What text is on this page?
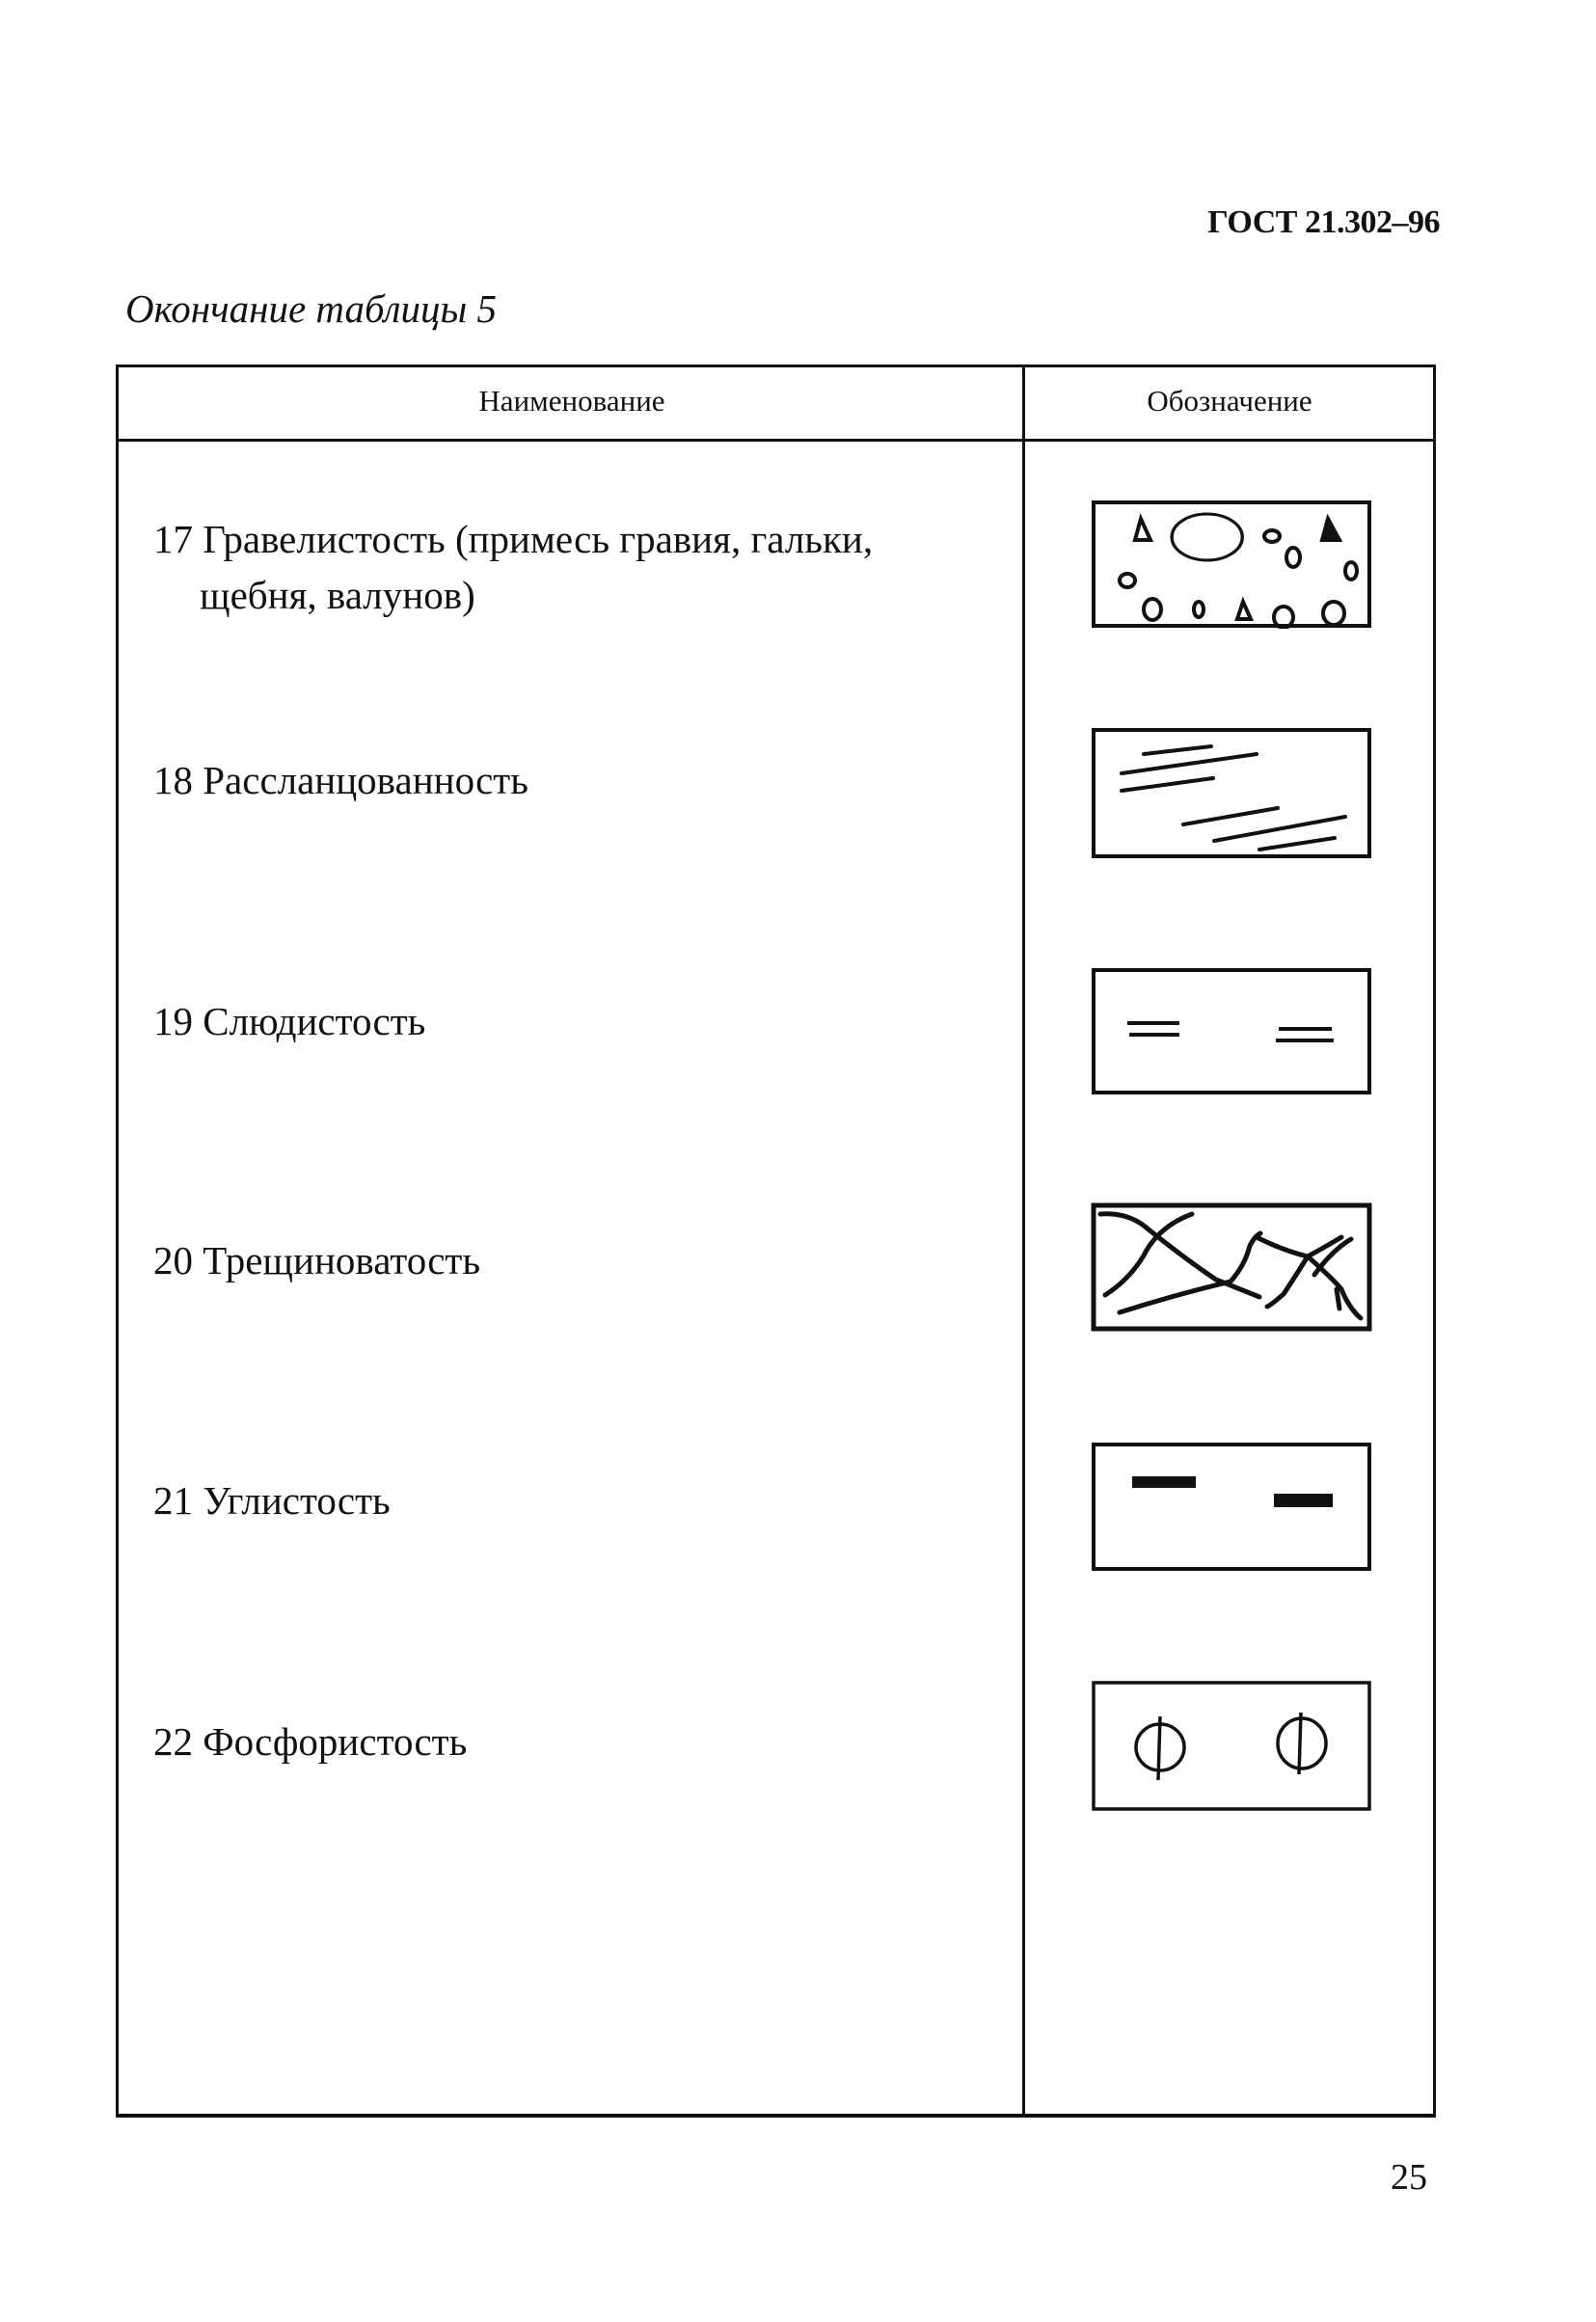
ГОСТ 21.302–96
Окончание таблицы 5
Наименование	Обозначение
17 Гравелистость (примесь гравия, гальки,
щебня, валунов)
18 Рассланцованность
19 Слюдистость
20 Трещиноватость
21 Углистость
22 Фосфористость
25
